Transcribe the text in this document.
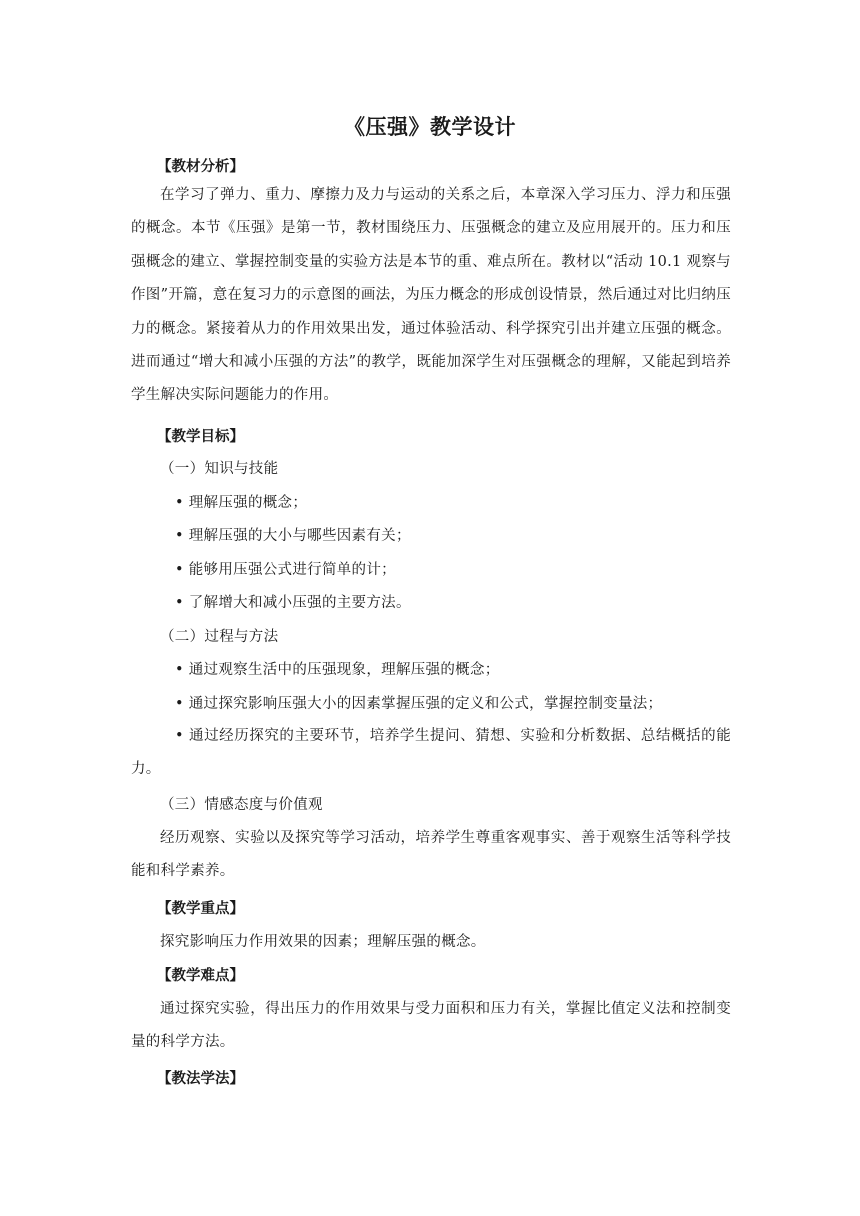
《压强》教学设计
【教材分析】
在学习了弹力、重力、摩擦力及力与运动的关系之后，本章深入学习压力、浮力和压强的概念。本节《压强》是第一节，教材围绕压力、压强概念的建立及应用展开的。压力和压强概念的建立、掌握控制变量的实验方法是本节的重、难点所在。教材以“活动 10.1 观察与作图”开篇，意在复习力的示意图的画法，为压力概念的形成创设情景，然后通过对比归纳压力的概念。紧接着从力的作用效果出发，通过体验活动、科学探究引出并建立压强的概念。进而通过“增大和减小压强的方法”的教学，既能加深学生对压强概念的理解，又能起到培养学生解决实际问题能力的作用。
【教学目标】
（一）知识与技能
• 理解压强的概念；
• 理解压强的大小与哪些因素有关；
• 能够用压强公式进行简单的计；
• 了解增大和减小压强的主要方法。
（二）过程与方法
• 通过观察生活中的压强现象，理解压强的概念；
• 通过探究影响压强大小的因素掌握压强的定义和公式，掌握控制变量法；
• 通过经历探究的主要环节，培养学生提问、猜想、实验和分析数据、总结概括的能力。
（三）情感态度与价值观
经历观察、实验以及探究等学习活动，培养学生尊重客观事实、善于观察生活等科学技能和科学素养。
【教学重点】
探究影响压力作用效果的因素；理解压强的概念。
【教学难点】
通过探究实验，得出压力的作用效果与受力面积和压力有关，掌握比值定义法和控制变量的科学方法。
【教法学法】
